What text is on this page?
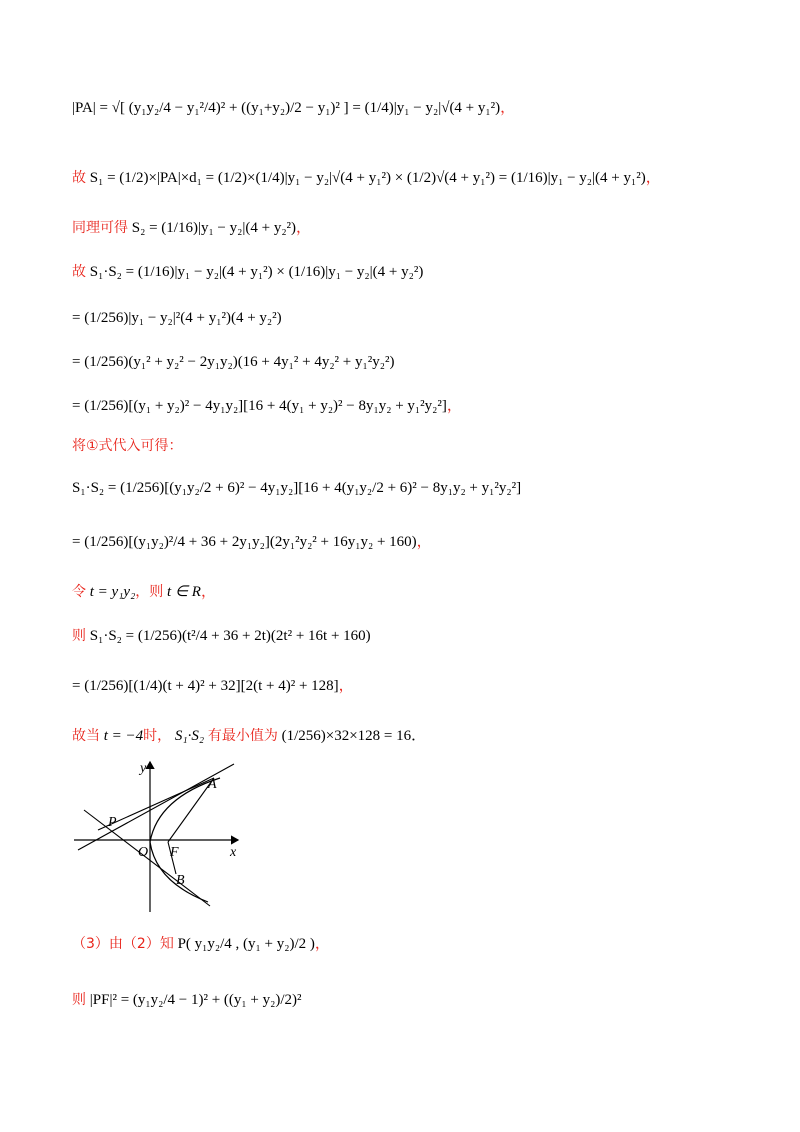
|PA| = √[ (y₁y₂/4 − y₁²/4)² + ((y₁+y₂)/2 − y₁)² ] = (1/4)|y₁ − y₂|√(4 + y₁²)，
故 S₁ = (1/2)×|PA|×d₁ = (1/2)×(1/4)|y₁ − y₂|√(4 + y₁²) × (1/2)√(4 + y₁²) = (1/16)|y₁ − y₂|(4 + y₁²)，
同理可得 S₂ = (1/16)|y₁ − y₂|(4 + y₂²)，
故 S₁·S₂ = (1/16)|y₁ − y₂|(4 + y₁²) × (1/16)|y₁ − y₂|(4 + y₂²)
= (1/256)|y₁ − y₂|²(4 + y₁²)(4 + y₂²)
= (1/256)(y₁² + y₂² − 2y₁y₂)(16 + 4y₁² + 4y₂² + y₁²y₂²)
= (1/256)[(y₁ + y₂)² − 4y₁y₂][16 + 4(y₁ + y₂)² − 8y₁y₂ + y₁²y₂²]，
将①式代入可得：
S₁·S₂ = (1/256)[(y₁y₂/2 + 6)² − 4y₁y₂][16 + 4(y₁y₂/2 + 6)² − 8y₁y₂ + y₁²y₂²]
= (1/256)[(y₁y₂)²/4 + 36 + 2y₁y₂](2y₁²y₂² + 16y₁y₂ + 160)，
令 t = y₁y₂，则 t ∈ R，
则 S₁·S₂ = (1/256)(t²/4 + 36 + 2t)(2t² + 16t + 160)
= (1/256)[(1/4)(t + 4)² + 32][2(t + 4)² + 128]，
故当 t = −4时， S₁·S₂ 有最小值为 (1/256)×32×128 = 16．
y
x
O F
P
A
B
（3）由（2）知 P( y₁y₂/4 , (y₁ + y₂)/2 )，
则 |PF|² = (y₁y₂/4 − 1)² + ((y₁ + y₂)/2)²
